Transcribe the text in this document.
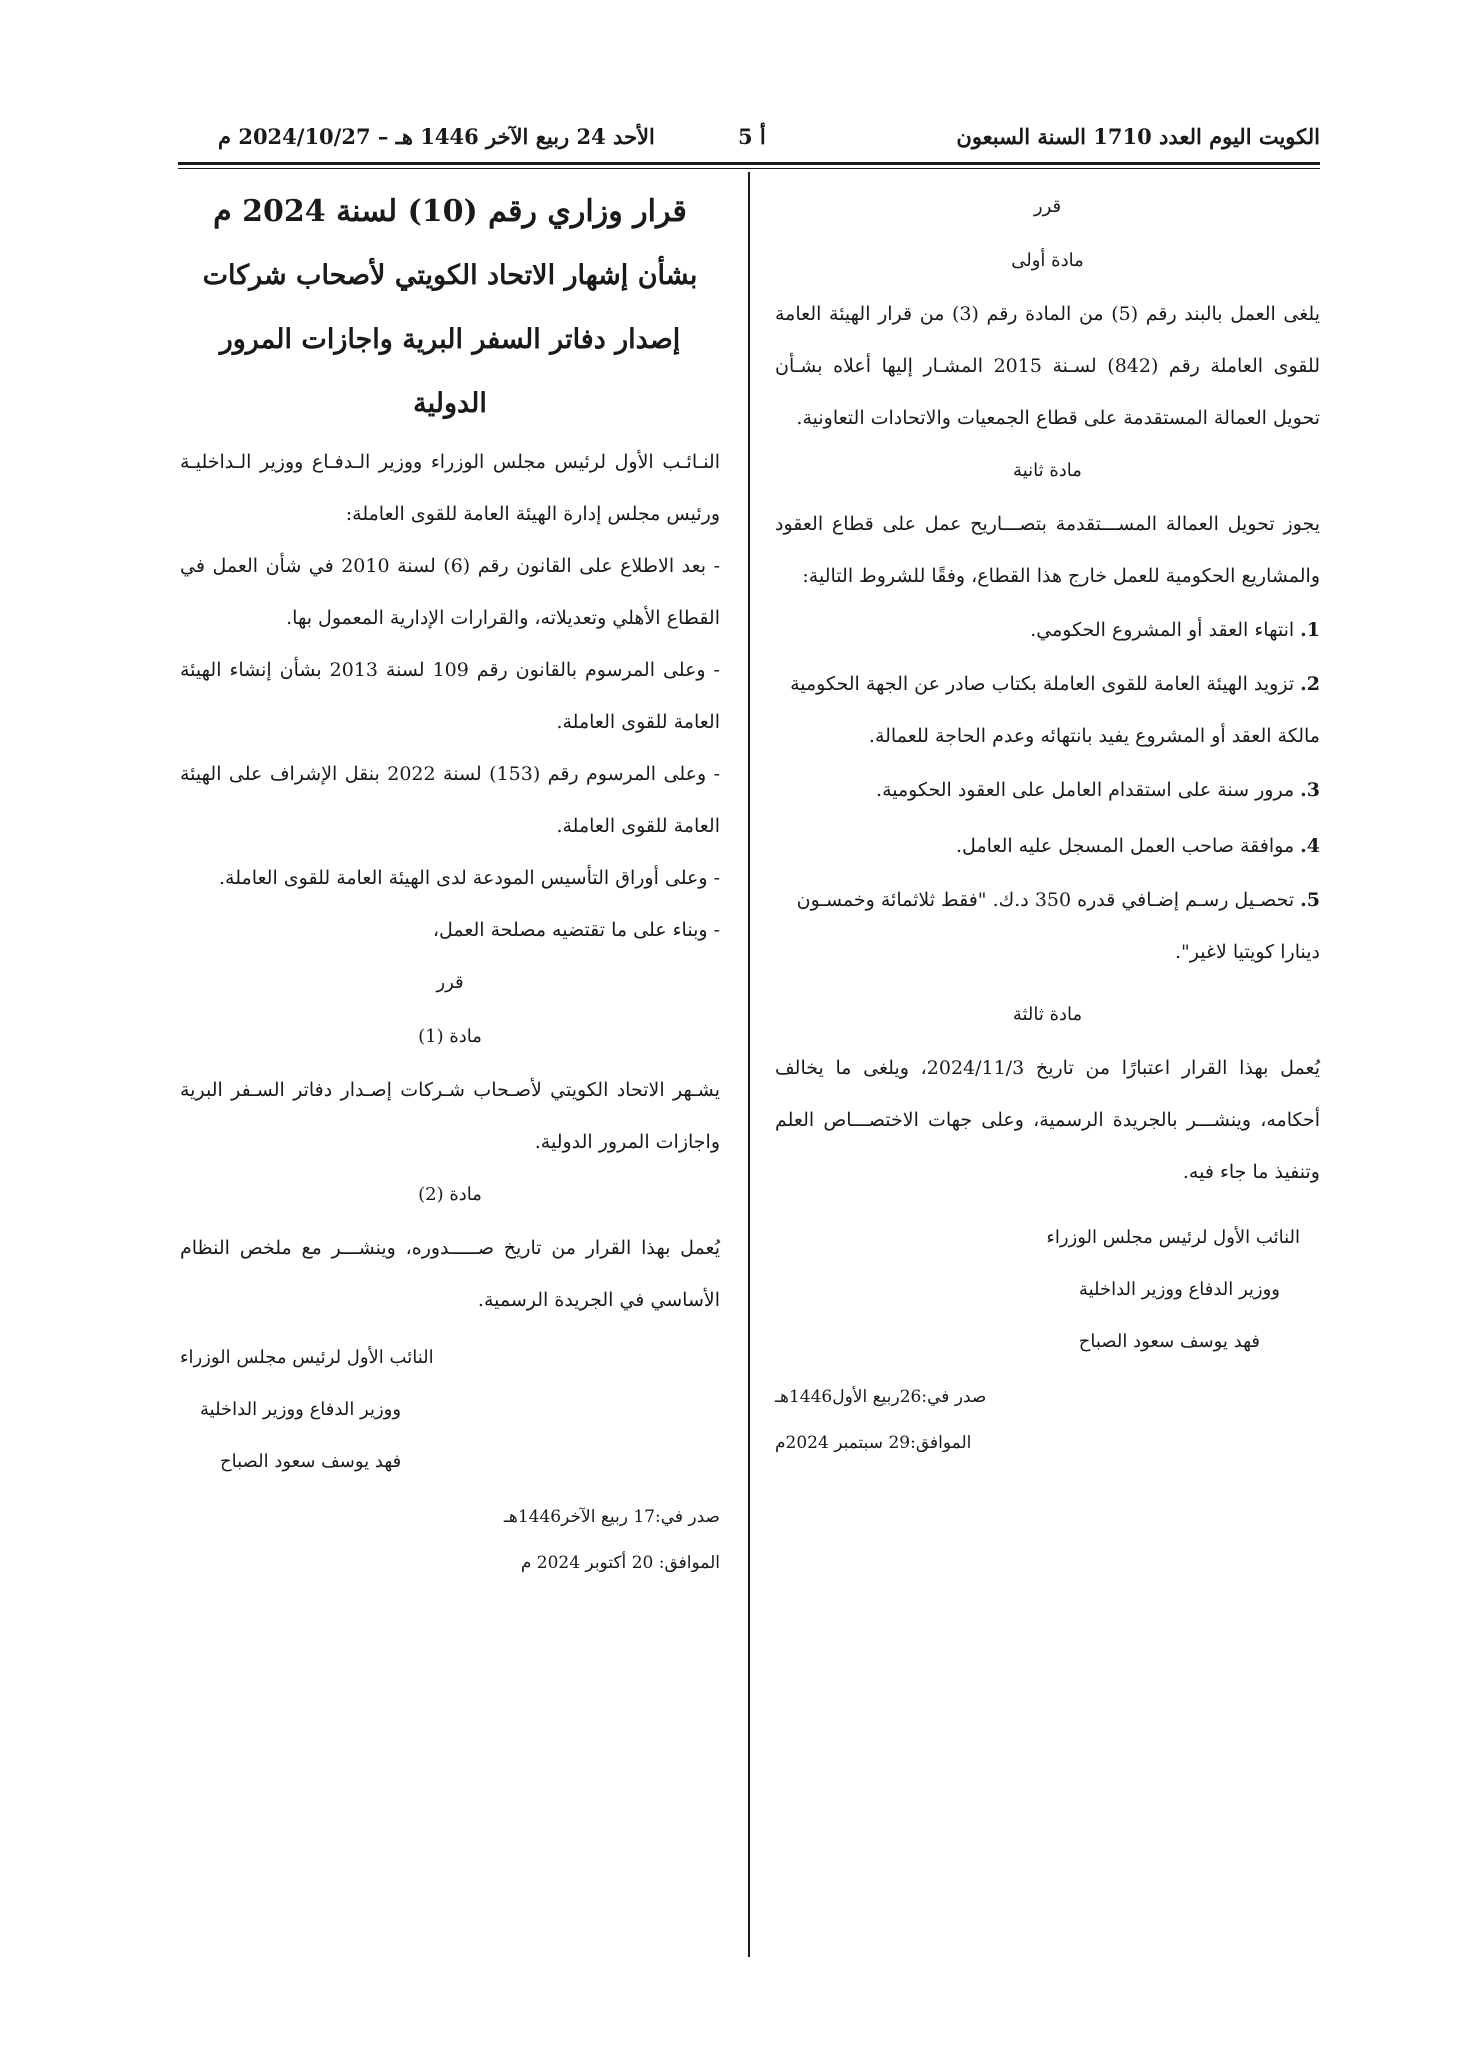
الكويت اليوم العدد 1710 السنة السبعون
أ 5
الأحد 24 ربيع الآخر 1446 هـ – 2024/10/27 م

قرر

مادة أولى

يلغى العمل بالبند رقم (5) من المادة رقم (3) من قرار الهيئة العامة للقوى العاملة رقم (842) لسـنة 2015 المشـار إليها أعلاه بشـأن تحويل العمالة المستقدمة على قطاع الجمعيات والاتحادات التعاونية.

مادة ثانية

يجوز تحويل العمالة المســـتقدمة بتصـــاريح عمل على قطاع العقود والمشاريع الحكومية للعمل خارج هذا القطاع، وفقًا للشروط التالية:

1.انتهاء العقد أو المشروع الحكومي.

2.تزويد الهيئة العامة للقوى العاملة بكتاب صادر عن الجهة الحكومية مالكة العقد أو المشروع يفيد بانتهائه وعدم الحاجة للعمالة.

3.مرور سنة على استقدام العامل على العقود الحكومية.

4.موافقة صاحب العمل المسجل عليه العامل.

5.تحصـيل رسـم إضـافي قدره 350 د.ك. "فقط ثلاثمائة وخمسـون دينارا كويتيا لاغير".

مادة ثالثة

يُعمل بهذا القرار اعتبارًا من تاريخ 2024/11/3، ويلغى ما يخالف أحكامه، وينشـــر بالجريدة الرسمية، وعلى جهات الاختصـــاص العلم وتنفيذ ما جاء فيه.

النائب الأول لرئيس مجلس الوزراء

ووزير الدفاع ووزير الداخلية

فهد يوسف سعود الصباح

صدر في:26ربيع الأول1446هـ

الموافق:29 سبتمبر 2024م

قرار وزاري رقم (10) لسنة 2024 م

بشأن إشهار الاتحاد الكويتي لأصحاب شركات

إصدار دفاتر السفر البرية واجازات المرور الدولية

النـائـب الأول لرئيس مجلس الوزراء ووزير الـدفـاع ووزير الـداخليـة ورئيس مجلس إدارة الهيئة العامة للقوى العاملة:

- بعد الاطلاع على القانون رقم (6) لسنة 2010 في شأن العمل في القطاع الأهلي وتعديلاته، والقرارات الإدارية المعمول بها.

- وعلى المرسوم بالقانون رقم 109 لسنة 2013 بشأن إنشاء الهيئة العامة للقوى العاملة.

- وعلى المرسوم رقم (153) لسنة 2022 بنقل الإشراف على الهيئة العامة للقوى العاملة.

- وعلى أوراق التأسيس المودعة لدى الهيئة العامة للقوى العاملة.

- وبناء على ما تقتضيه مصلحة العمل،

قرر

مادة (1)

يشـهر الاتحاد الكويتي لأصـحاب شـركات إصـدار دفاتر السـفر البرية واجازات المرور الدولية.

مادة (2)

يُعمل بهذا القرار من تاريخ صـــــدوره، وينشـــر مع ملخص النظام الأساسي في الجريدة الرسمية.

النائب الأول لرئيس مجلس الوزراء

ووزير الدفاع ووزير الداخلية

فهد يوسف سعود الصباح

صدر في:17 ربيع الآخر1446هـ

الموافق: 20 أكتوبر 2024 م
